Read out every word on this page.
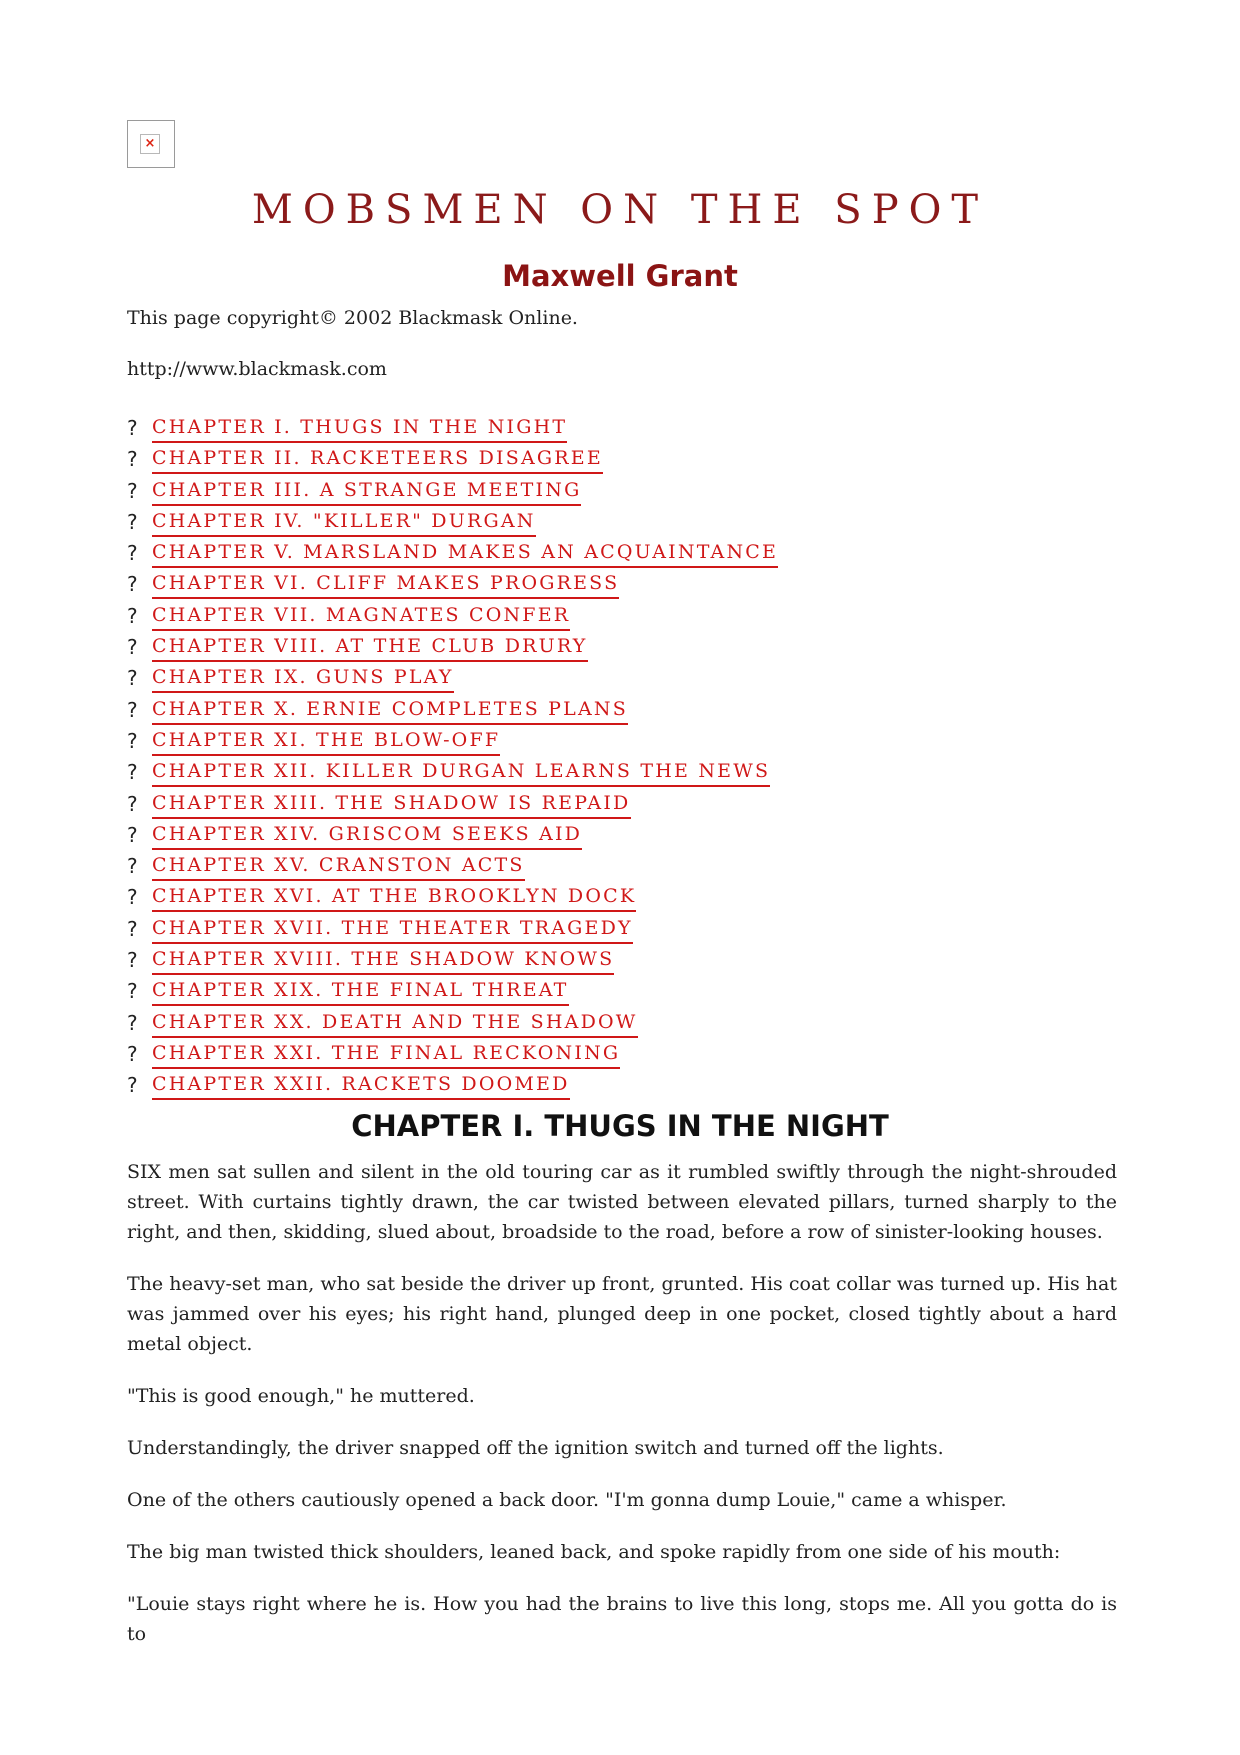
×
MOBSMEN ON THE SPOT
Maxwell Grant
This page copyright© 2002 Blackmask Online.
http://www.blackmask.com
? CHAPTER I. THUGS IN THE NIGHT
? CHAPTER II. RACKETEERS DISAGREE
? CHAPTER III. A STRANGE MEETING
? CHAPTER IV. "KILLER" DURGAN
? CHAPTER V. MARSLAND MAKES AN ACQUAINTANCE
? CHAPTER VI. CLIFF MAKES PROGRESS
? CHAPTER VII. MAGNATES CONFER
? CHAPTER VIII. AT THE CLUB DRURY
? CHAPTER IX. GUNS PLAY
? CHAPTER X. ERNIE COMPLETES PLANS
? CHAPTER XI. THE BLOW-OFF
? CHAPTER XII. KILLER DURGAN LEARNS THE NEWS
? CHAPTER XIII. THE SHADOW IS REPAID
? CHAPTER XIV. GRISCOM SEEKS AID
? CHAPTER XV. CRANSTON ACTS
? CHAPTER XVI. AT THE BROOKLYN DOCK
? CHAPTER XVII. THE THEATER TRAGEDY
? CHAPTER XVIII. THE SHADOW KNOWS
? CHAPTER XIX. THE FINAL THREAT
? CHAPTER XX. DEATH AND THE SHADOW
? CHAPTER XXI. THE FINAL RECKONING
? CHAPTER XXII. RACKETS DOOMED
CHAPTER I. THUGS IN THE NIGHT

SIX men sat sullen and silent in the old touring car as it rumbled swiftly through the night-shrouded street. With curtains tightly drawn, the car twisted between elevated pillars, turned sharply to the right, and then, skidding, slued about, broadside to the road, before a row of sinister-looking houses.

The heavy-set man, who sat beside the driver up front, grunted. His coat collar was turned up. His hat was jammed over his eyes; his right hand, plunged deep in one pocket, closed tightly about a hard metal object.

"This is good enough," he muttered.

Understandingly, the driver snapped off the ignition switch and turned off the lights.

One of the others cautiously opened a back door. "I'm gonna dump Louie," came a whisper.

The big man twisted thick shoulders, leaned back, and spoke rapidly from one side of his mouth:

"Louie stays right where he is. How you had the brains to live this long, stops me. All you gotta do is to
